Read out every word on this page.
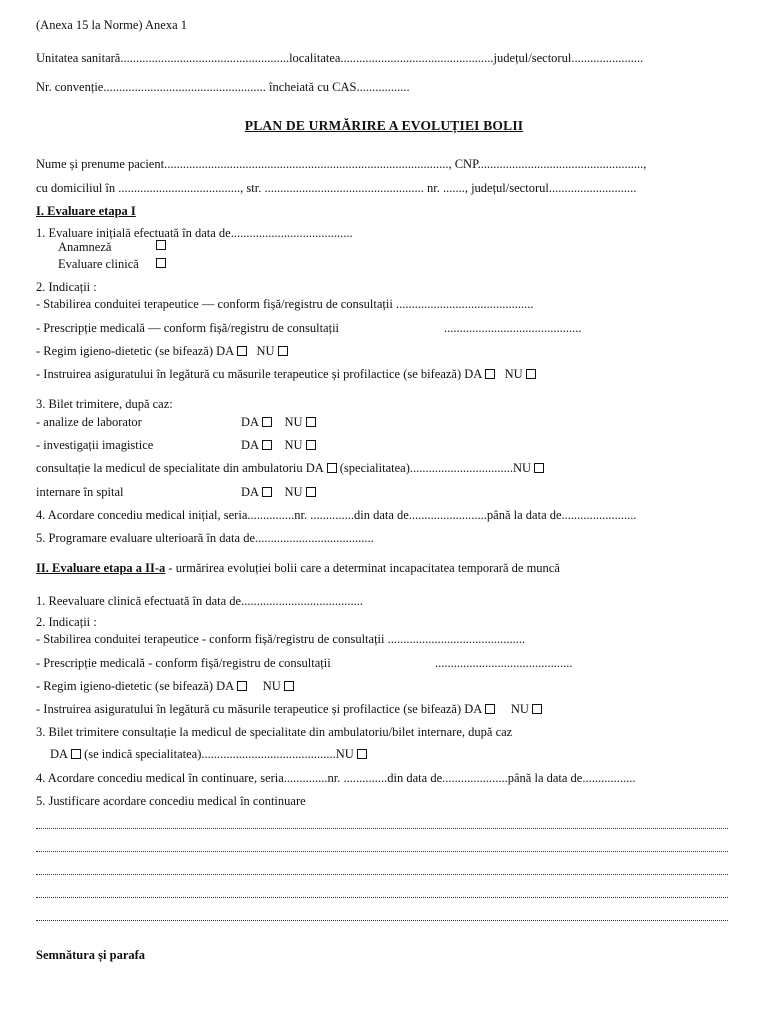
(Anexa 15 la Norme) Anexa 1
Unitatea sanitară......................................................localitatea.................................................județul/sectorul.......................
Nr. convenție.................................................... încheiată cu CAS.................
PLAN DE URMĂRIRE A EVOLUȚIEI BOLII
Nume și prenume pacient..........................................................................................., CNP.....................................................,
cu domiciliul în ......................................., str. ................................................... nr. ......., județul/sectorul............................
I. Evaluare etapa I
1. Evaluare inițială efectuată în data de.......................................
Anamneză
Evaluare clinică
2. Indicații :
- Stabilirea conduitei terapeutice — conform fișă/registru de consultații ............................................
- Prescripție medicală — conform fișă/registru de consultații	............................................
- Regim igieno-dietetic (se bifează) DA NU
- Instruirea asiguratului în legătură cu măsurile terapeutice și profilactice (se bifează) DA NU
3. Bilet trimitere, după caz:
- analize de laborator	DA NU
- investigații imagistice	DA NU
consultație la medicul de specialitate din ambulatoriu DA (specialitatea).................................NU
internare în spital	DA NU
4. Acordare concediu medical inițial, seria...............nr. ..............din data de.........................până la data de........................
5. Programare evaluare ulterioară în data de......................................
II. Evaluare etapa a II-a - urmărirea evoluției bolii care a determinat incapacitatea temporară de muncă
1. Reevaluare clinică efectuată în data de.......................................
2. Indicații :
- Stabilirea conduitei terapeutice - conform fișă/registru de consultații ............................................
- Prescripție medicală - conform fișă/registru de consultații	............................................
- Regim igieno-dietetic (se bifează) DA NU
- Instruirea asiguratului în legătură cu măsurile terapeutice și profilactice (se bifează) DA NU
3. Bilet trimitere consultație la medicul de specialitate din ambulatoriu/bilet internare, după caz
DA (se indică specialitatea)...........................................NU
4. Acordare concediu medical în continuare, seria..............nr. ..............din data de.....................până la data de.................
5. Justificare acordare concediu medical în continuare
Semnătura și parafa
